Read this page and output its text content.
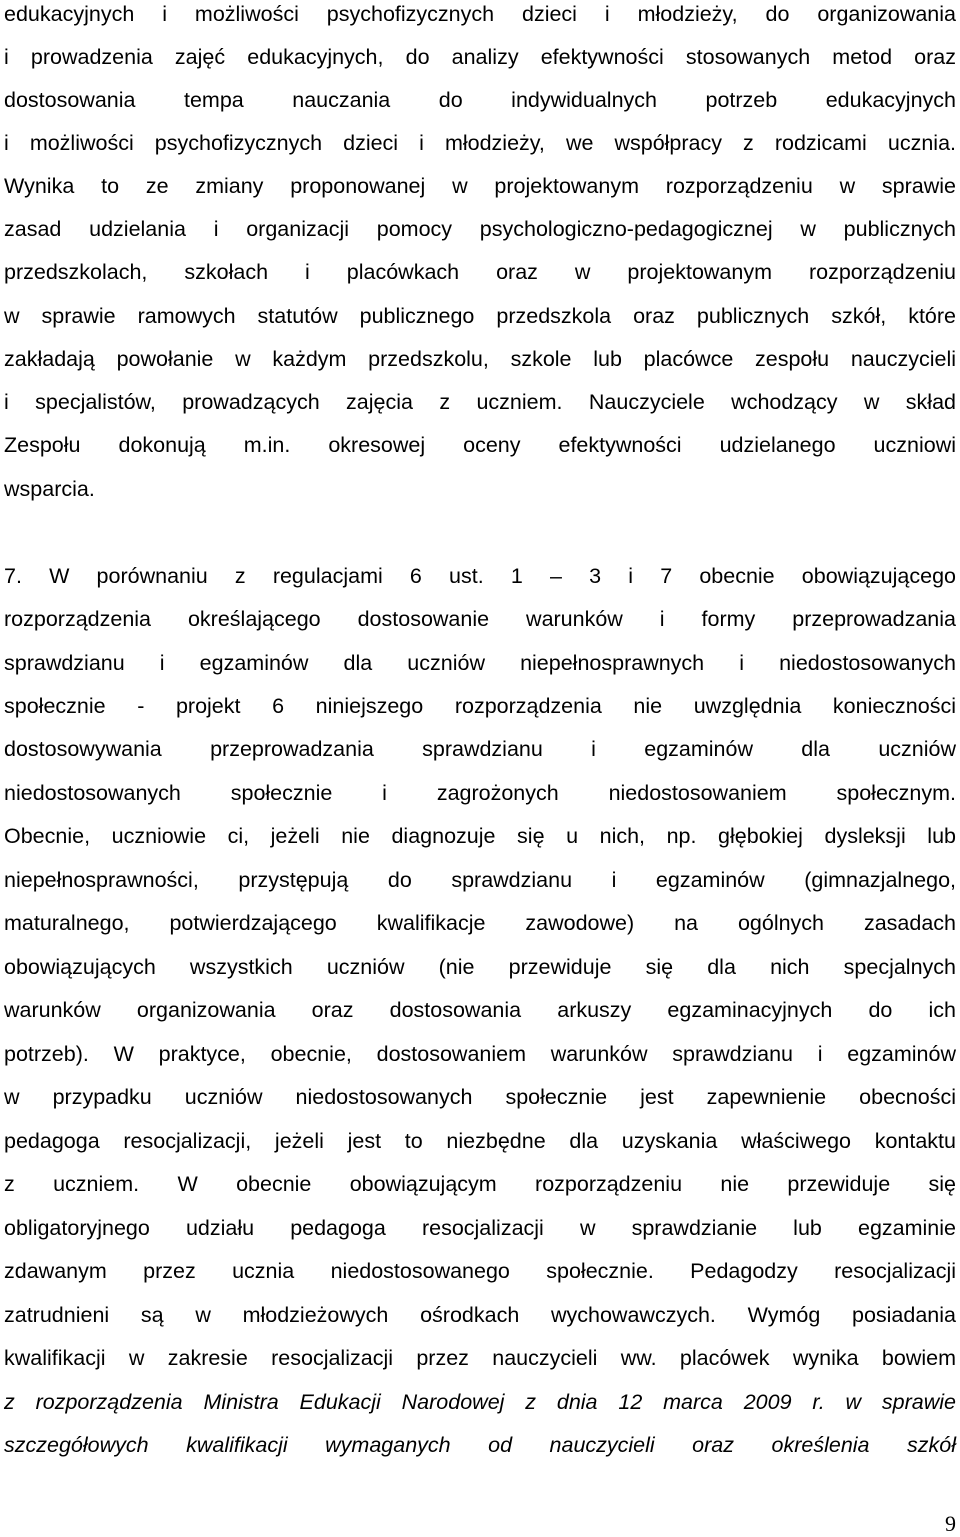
edukacyjnych i możliwości psychofizycznych dzieci i młodzieży, do organizowania
i prowadzenia zajęć edukacyjnych, do analizy efektywności stosowanych metod oraz
dostosowania tempa nauczania do indywidualnych potrzeb edukacyjnych
i możliwości psychofizycznych dzieci i młodzieży, we współpracy z rodzicami ucznia.
Wynika to ze zmiany proponowanej w projektowanym rozporządzeniu w sprawie
zasad udzielania i organizacji pomocy psychologiczno-pedagogicznej w publicznych
przedszkolach, szkołach i placówkach oraz w projektowanym rozporządzeniu
w sprawie ramowych statutów publicznego przedszkola oraz publicznych szkół, które
zakładają powołanie w każdym przedszkolu, szkole lub placówce zespołu nauczycieli
i specjalistów, prowadzących zajęcia z uczniem. Nauczyciele wchodzący w skład
Zespołu dokonują m.in. okresowej oceny efektywności udzielanego uczniowi
wsparcia.
7. W porównaniu z regulacjami 6 ust. 1 – 3 i 7 obecnie obowiązującego
rozporządzenia określającego dostosowanie warunków i formy przeprowadzania
sprawdzianu i egzaminów dla uczniów niepełnosprawnych i niedostosowanych
społecznie - projekt 6 niniejszego rozporządzenia nie uwzględnia konieczności
dostosowywania przeprowadzania sprawdzianu i egzaminów dla uczniów
niedostosowanych społecznie i zagrożonych niedostosowaniem społecznym.
Obecnie, uczniowie ci, jeżeli nie diagnozuje się u nich, np. głębokiej dysleksji lub
niepełnosprawności, przystępują do sprawdzianu i egzaminów (gimnazjalnego,
maturalnego, potwierdzającego kwalifikacje zawodowe) na ogólnych zasadach
obowiązujących wszystkich uczniów (nie przewiduje się dla nich specjalnych
warunków organizowania oraz dostosowania arkuszy egzaminacyjnych do ich
potrzeb). W praktyce, obecnie, dostosowaniem warunków sprawdzianu i egzaminów
w przypadku uczniów niedostosowanych społecznie jest zapewnienie obecności
pedagoga resocjalizacji, jeżeli jest to niezbędne dla uzyskania właściwego kontaktu
z uczniem. W obecnie obowiązującym rozporządzeniu nie przewiduje się
obligatoryjnego udziału pedagoga resocjalizacji w sprawdzianie lub egzaminie
zdawanym przez ucznia niedostosowanego społecznie. Pedagodzy resocjalizacji
zatrudnieni są w młodzieżowych ośrodkach wychowawczych. Wymóg posiadania
kwalifikacji w zakresie resocjalizacji przez nauczycieli ww. placówek wynika bowiem
z rozporządzenia Ministra Edukacji Narodowej z dnia 12 marca 2009 r. w sprawie
szczegółowych kwalifikacji wymaganych od nauczycieli oraz określenia szkół
9
